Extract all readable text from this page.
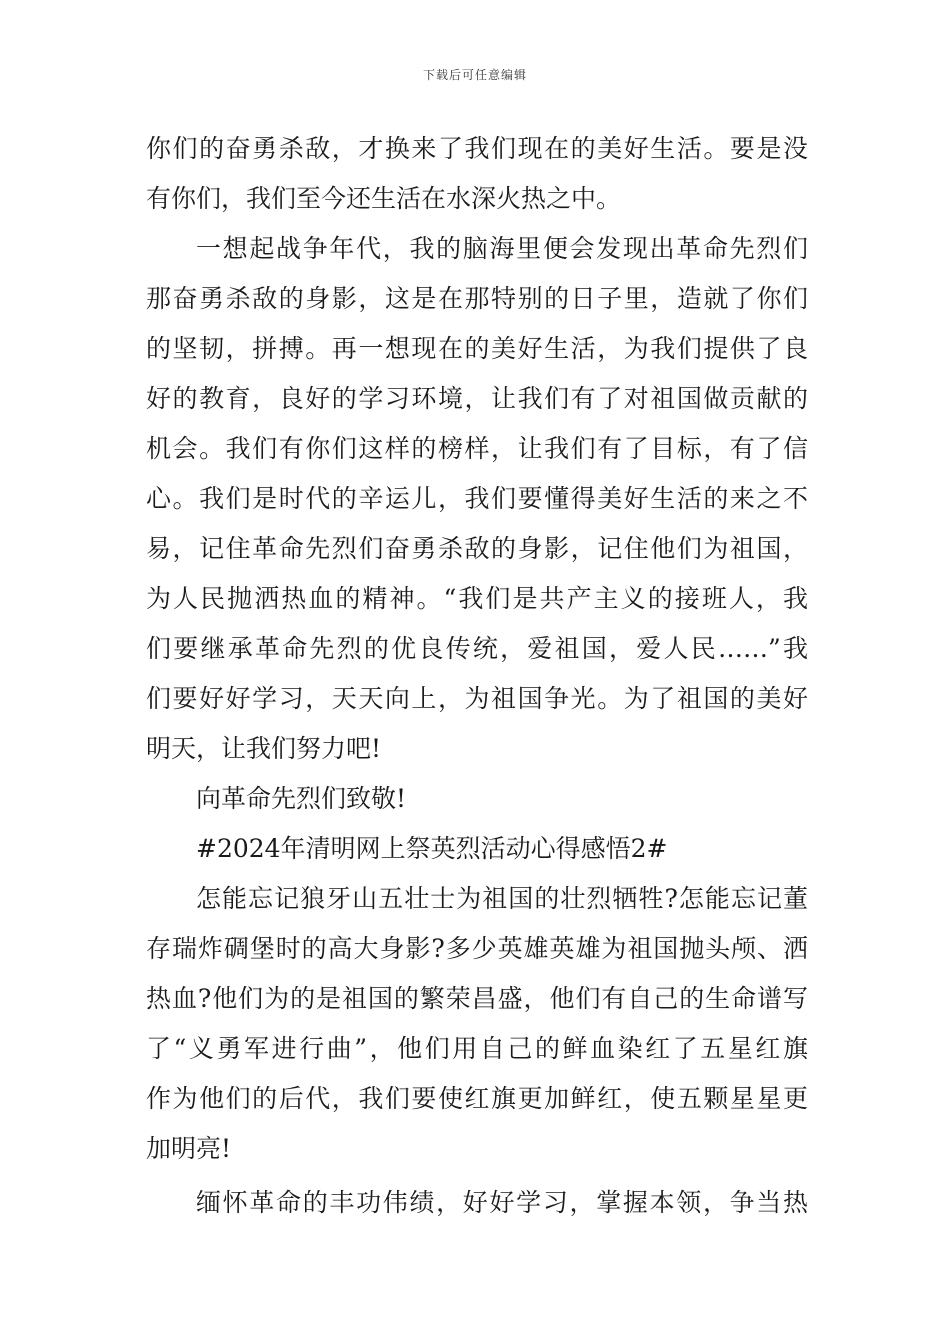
下载后可任意编辑
你们的奋勇杀敌，才换来了我们现在的美好生活。要是没
有你们，我们至今还生活在水深火热之中。
一想起战争年代，我的脑海里便会发现出革命先烈们
那奋勇杀敌的身影，这是在那特别的日子里，造就了你们
的坚韧，拼搏。再一想现在的美好生活，为我们提供了良
好的教育，良好的学习环境，让我们有了对祖国做贡献的
机会。我们有你们这样的榜样，让我们有了目标，有了信
心。我们是时代的辛运儿，我们要懂得美好生活的来之不
易，记住革命先烈们奋勇杀敌的身影，记住他们为祖国，
为人民抛洒热血的精神。“我们是共产主义的接班人，我
们要继承革命先烈的优良传统，爱祖国，爱人民……”我
们要好好学习，天天向上，为祖国争光。为了祖国的美好
明天，让我们努力吧!
向革命先烈们致敬!
#2024年清明网上祭英烈活动心得感悟2#
怎能忘记狼牙山五壮士为祖国的壮烈牺牲?怎能忘记董
存瑞炸碉堡时的高大身影?多少英雄英雄为祖国抛头颅、洒
热血?他们为的是祖国的繁荣昌盛，他们有自己的生命谱写
了“义勇军进行曲”，他们用自己的鲜血染红了五星红旗
作为他们的后代，我们要使红旗更加鲜红，使五颗星星更
加明亮!
缅怀革命的丰功伟绩，好好学习，掌握本领，争当热
